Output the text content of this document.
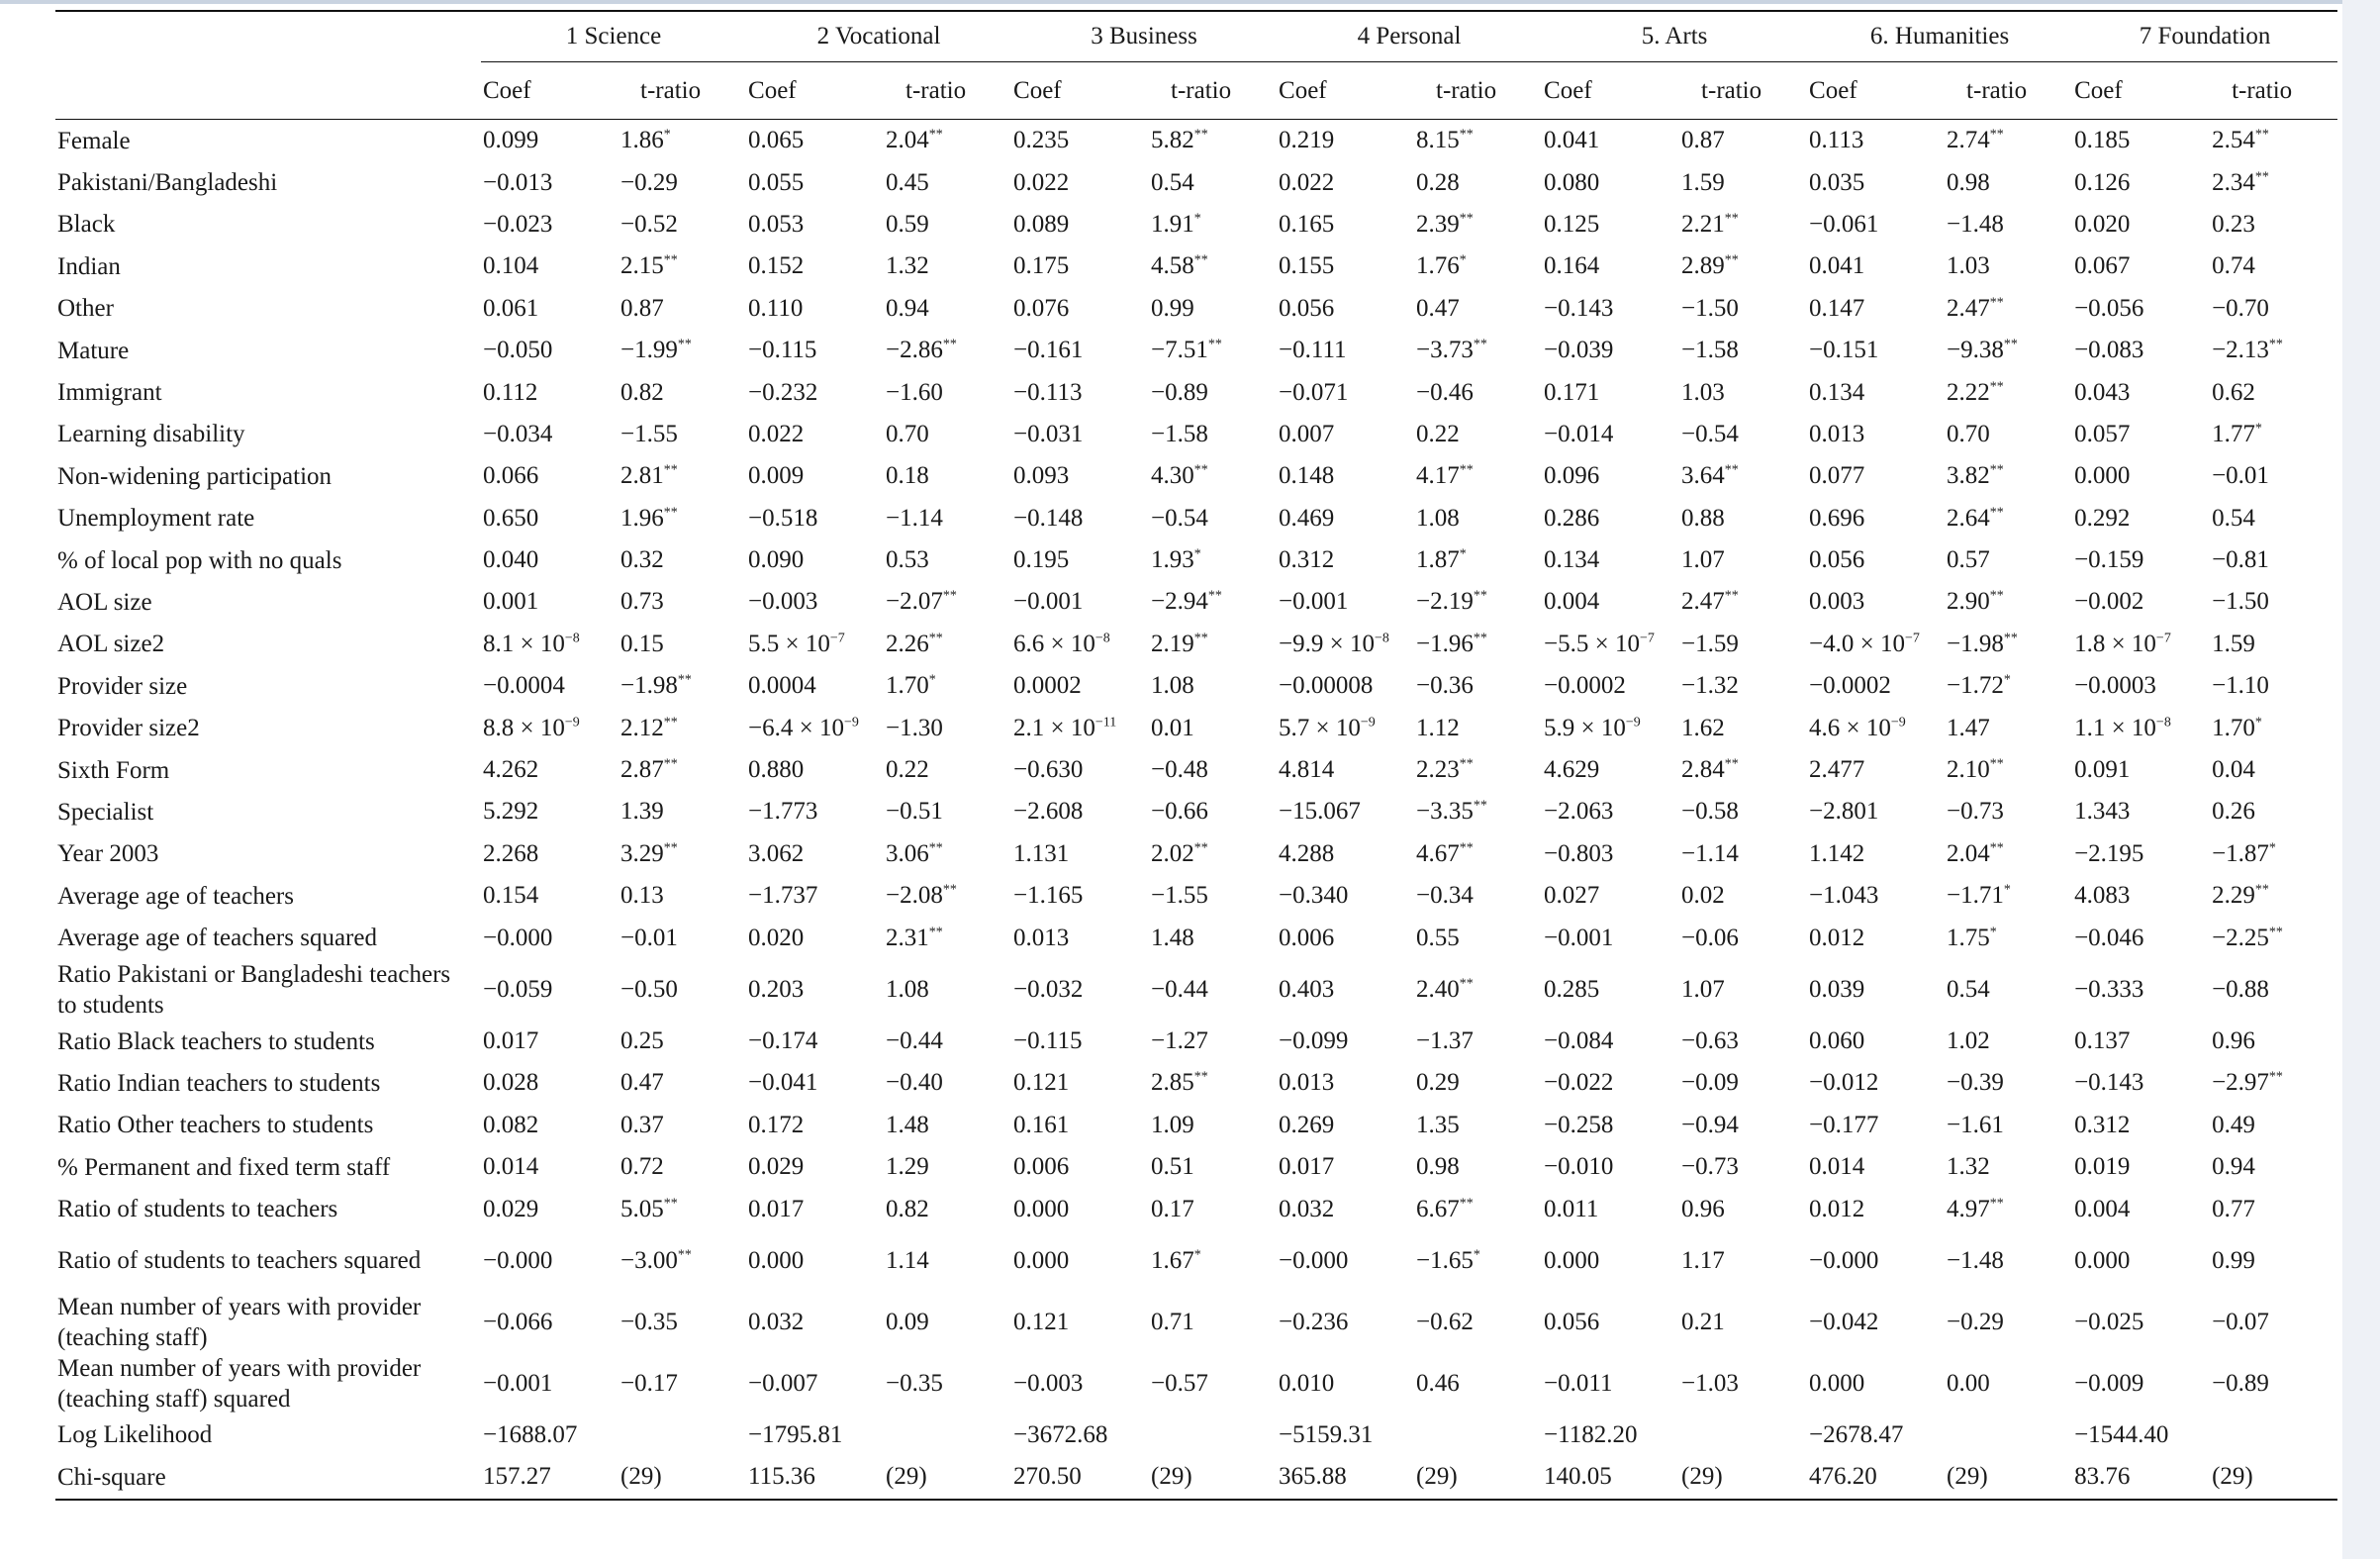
	1 Science		2 Vocational		3 Business		4 Personal		5. Arts		6. Humanities		7 Foundation	
	Coef	t-ratio	Coef	t-ratio	Coef	t-ratio	Coef	t-ratio	Coef	t-ratio	Coef	t-ratio	Coef	t-ratio
Female	0.099	1.86*	0.065	2.04**	0.235	5.82**	0.219	8.15**	0.041	0.87	0.113	2.74**	0.185	2.54**
Pakistani/Bangladeshi	−0.013	−0.29	0.055	0.45	0.022	0.54	0.022	0.28	0.080	1.59	0.035	0.98	0.126	2.34**
Black	−0.023	−0.52	0.053	0.59	0.089	1.91*	0.165	2.39**	0.125	2.21**	−0.061	−1.48	0.020	0.23
Indian	0.104	2.15**	0.152	1.32	0.175	4.58**	0.155	1.76*	0.164	2.89**	0.041	1.03	0.067	0.74
Other	0.061	0.87	0.110	0.94	0.076	0.99	0.056	0.47	−0.143	−1.50	0.147	2.47**	−0.056	−0.70
Mature	−0.050	−1.99**	−0.115	−2.86**	−0.161	−7.51**	−0.111	−3.73**	−0.039	−1.58	−0.151	−9.38**	−0.083	−2.13**
Immigrant	0.112	0.82	−0.232	−1.60	−0.113	−0.89	−0.071	−0.46	0.171	1.03	0.134	2.22**	0.043	0.62
Learning disability	−0.034	−1.55	0.022	0.70	−0.031	−1.58	0.007	0.22	−0.014	−0.54	0.013	0.70	0.057	1.77*
Non-widening participation	0.066	2.81**	0.009	0.18	0.093	4.30**	0.148	4.17**	0.096	3.64**	0.077	3.82**	0.000	−0.01
Unemployment rate	0.650	1.96**	−0.518	−1.14	−0.148	−0.54	0.469	1.08	0.286	0.88	0.696	2.64**	0.292	0.54
% of local pop with no quals	0.040	0.32	0.090	0.53	0.195	1.93*	0.312	1.87*	0.134	1.07	0.056	0.57	−0.159	−0.81
AOL size	0.001	0.73	−0.003	−2.07**	−0.001	−2.94**	−0.001	−2.19**	0.004	2.47**	0.003	2.90**	−0.002	−1.50
AOL size2	$8.1 \times 10^{-8}$	0.15	$5.5 \times 10^{-7}$	2.26**	$6.6 \times 10^{-8}$	2.19**	$-9.9 \times 10^{-8}$	−1.96**	$-5.5 \times 10^{-7}$	−1.59	$-4.0 \times 10^{-7}$	−1.98**	$1.8 \times 10^{-7}$	1.59
Provider size	−0.0004	−1.98**	0.0004	1.70*	0.0002	1.08	−0.00008	−0.36	−0.0002	−1.32	−0.0002	−1.72*	−0.0003	−1.10
Provider size2	$8.8 \times 10^{-9}$	2.12**	$-6.4 \times 10^{-9}$	−1.30	$2.1 \times 10^{-11}$	0.01	$5.7 \times 10^{-9}$	1.12	$5.9 \times 10^{-9}$	1.62	$4.6 \times 10^{-9}$	1.47	$1.1 \times 10^{-8}$	1.70*
Sixth Form	4.262	2.87**	0.880	0.22	−0.630	−0.48	4.814	2.23**	4.629	2.84**	2.477	2.10**	0.091	0.04
Specialist	5.292	1.39	−1.773	−0.51	−2.608	−0.66	−15.067	−3.35**	−2.063	−0.58	−2.801	−0.73	1.343	0.26
Year 2003	2.268	3.29**	3.062	3.06**	1.131	2.02**	4.288	4.67**	−0.803	−1.14	1.142	2.04**	−2.195	−1.87*
Average age of teachers	0.154	0.13	−1.737	−2.08**	−1.165	−1.55	−0.340	−0.34	0.027	0.02	−1.043	−1.71*	4.083	2.29**
Average age of teachers squared	−0.000	−0.01	0.020	2.31**	0.013	1.48	0.006	0.55	−0.001	−0.06	0.012	1.75*	−0.046	−2.25**
Ratio Pakistani or Bangladeshi teachers to students	−0.059	−0.50	0.203	1.08	−0.032	−0.44	0.403	2.40**	0.285	1.07	0.039	0.54	−0.333	−0.88
Ratio Black teachers to students	0.017	0.25	−0.174	−0.44	−0.115	−1.27	−0.099	−1.37	−0.084	−0.63	0.060	1.02	0.137	0.96
Ratio Indian teachers to students	0.028	0.47	−0.041	−0.40	0.121	2.85**	0.013	0.29	−0.022	−0.09	−0.012	−0.39	−0.143	−2.97**
Ratio Other teachers to students	0.082	0.37	0.172	1.48	0.161	1.09	0.269	1.35	−0.258	−0.94	−0.177	−1.61	0.312	0.49
% Permanent and fixed term staff	0.014	0.72	0.029	1.29	0.006	0.51	0.017	0.98	−0.010	−0.73	0.014	1.32	0.019	0.94
Ratio of students to teachers	0.029	5.05**	0.017	0.82	0.000	0.17	0.032	6.67**	0.011	0.96	0.012	4.97**	0.004	0.77
Ratio of students to teachers squared	−0.000	−3.00**	0.000	1.14	0.000	1.67*	−0.000	−1.65*	0.000	1.17	−0.000	−1.48	0.000	0.99
Mean number of years with provider (teaching staff)	−0.066	−0.35	0.032	0.09	0.121	0.71	−0.236	−0.62	0.056	0.21	−0.042	−0.29	−0.025	−0.07
Mean number of years with provider (teaching staff) squared	−0.001	−0.17	−0.007	−0.35	−0.003	−0.57	0.010	0.46	−0.011	−1.03	0.000	0.00	−0.009	−0.89
Log Likelihood	−1688.07		−1795.81		−3672.68		−5159.31		−1182.20		−2678.47		−1544.40	
Chi-square	157.27	(29)	115.36	(29)	270.50	(29)	365.88	(29)	140.05	(29)	476.20	(29)	83.76	(29)
